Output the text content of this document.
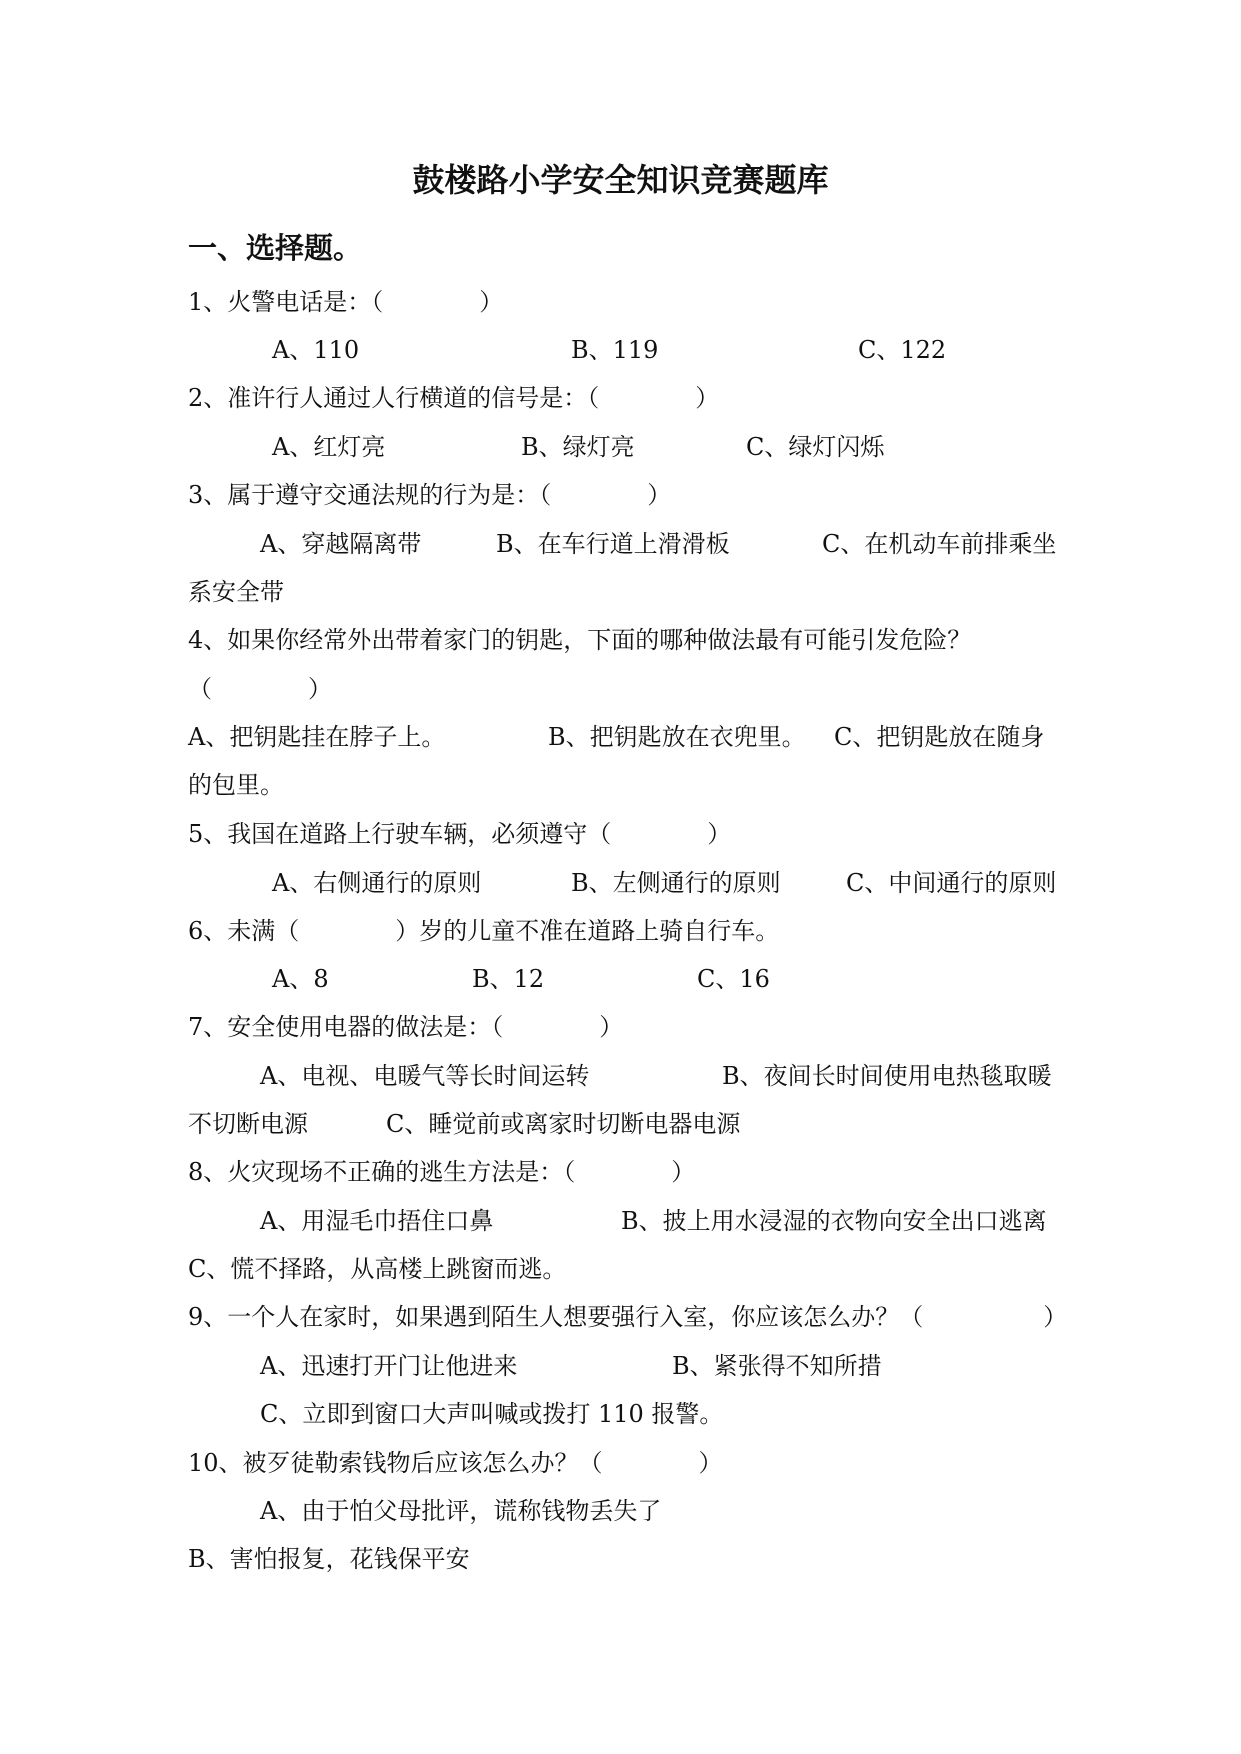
鼓楼路小学安全知识竞赛题库
一、选择题。
1、火警电话是：（　　　　）
A、110	B、119	C、122
2、准许行人通过人行横道的信号是：（　　　　）
A、红灯亮	B、绿灯亮	C、绿灯闪烁
3、属于遵守交通法规的行为是：（　　　　）
A、穿越隔离带	B、在车行道上滑滑板	C、在机动车前排乘坐
系安全带
4、如果你经常外出带着家门的钥匙，下面的哪种做法最有可能引发危险？
（　　　　）
A、把钥匙挂在脖子上。	B、把钥匙放在衣兜里。 C、把钥匙放在随身
的包里。
5、我国在道路上行驶车辆，必须遵守（　　　　）
A、右侧通行的原则	B、左侧通行的原则	C、中间通行的原则
6、未满（　　　　）岁的儿童不准在道路上骑自行车。
A、8	B、12	C、16
7、安全使用电器的做法是：（　　　　）
A、电视、电暖气等长时间运转	B、夜间长时间使用电热毯取暖
不切断电源	C、睡觉前或离家时切断电器电源
8、火灾现场不正确的逃生方法是：（　　　　）
A、用湿毛巾捂住口鼻	B、披上用水浸湿的衣物向安全出口逃离
C、慌不择路，从高楼上跳窗而逃。
9、一个人在家时，如果遇到陌生人想要强行入室，你应该怎么办？（　　　　　）
A、迅速打开门让他进来	B、紧张得不知所措
C、立即到窗口大声叫喊或拨打 110 报警。
10、被歹徒勒索钱物后应该怎么办？（　　　　）
A、由于怕父母批评，谎称钱物丢失了
B、害怕报复，花钱保平安
